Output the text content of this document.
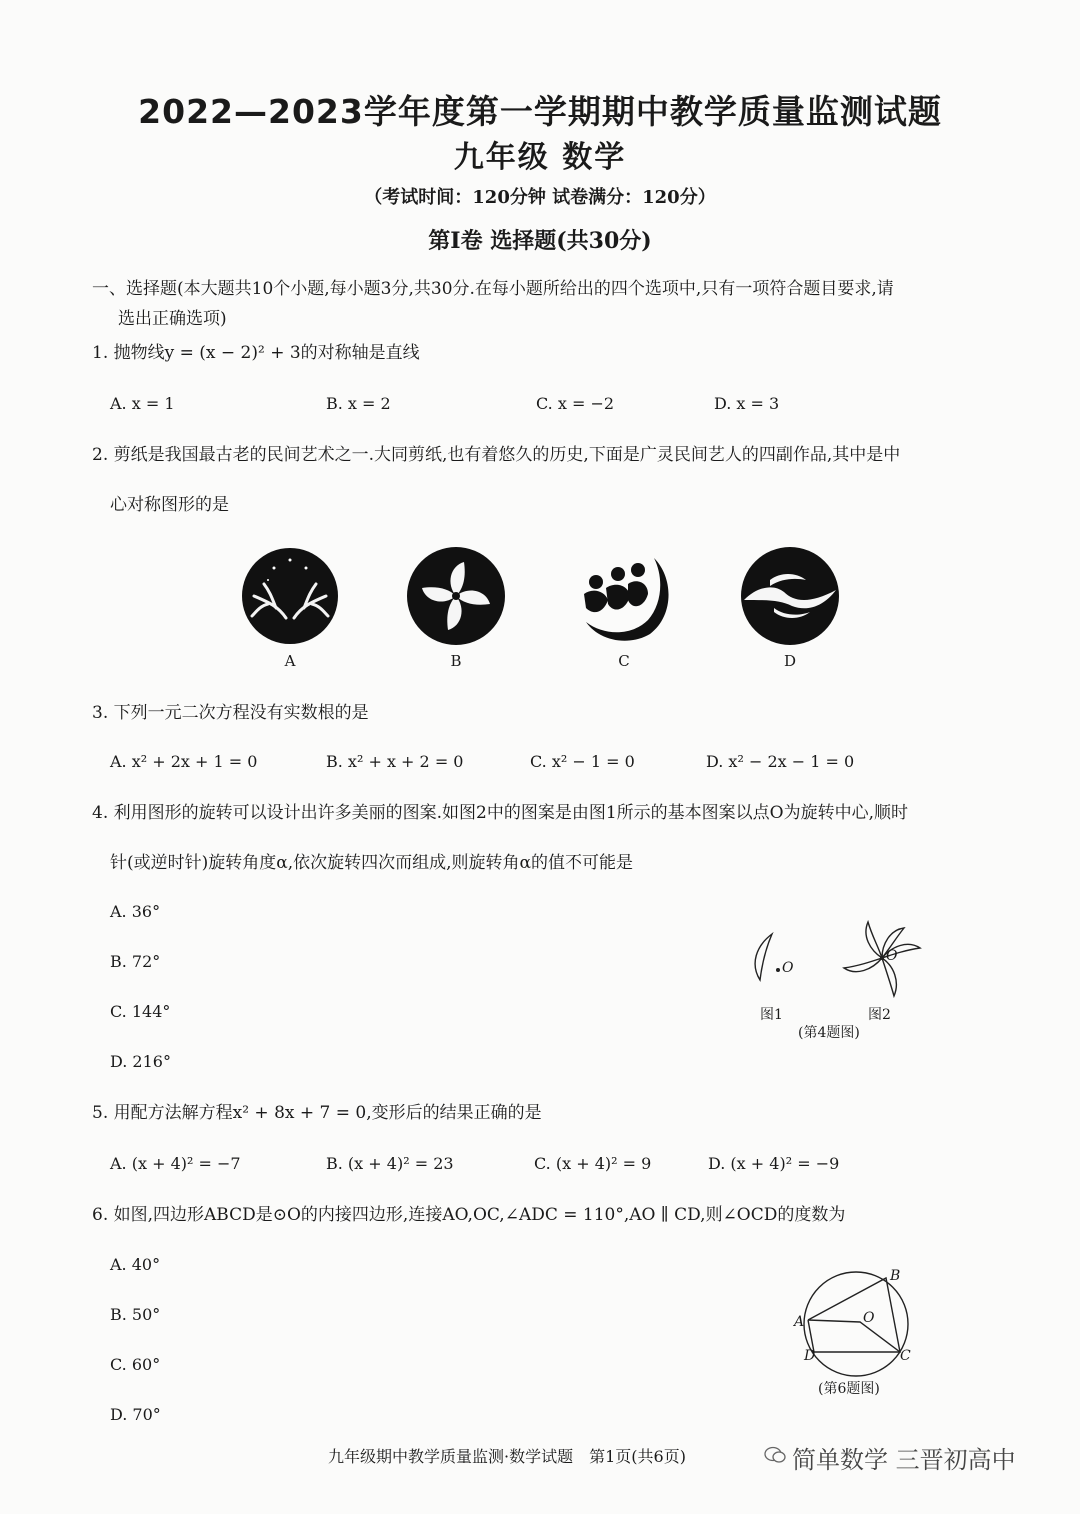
2022—2023学年度第一学期期中教学质量监测试题
九年级 数学
（考试时间：120分钟 试卷满分：120分）
第Ⅰ卷 选择题(共30分)
一、选择题(本大题共10个小题,每小题3分,共30分.在每小题所给出的四个选项中,只有一项符合题目要求,请
选出正确选项)
1. 抛物线y = (x − 2)² + 3的对称轴是直线
A. x = 1	B. x = 2	C. x = −2	D. x = 3
2. 剪纸是我国最古老的民间艺术之一.大同剪纸,也有着悠久的历史,下面是广灵民间艺人的四副作品,其中是中
心对称图形的是
A	B	C	D
3. 下列一元二次方程没有实数根的是
A. x² + 2x + 1 = 0	B. x² + x + 2 = 0	C. x² − 1 = 0	D. x² − 2x − 1 = 0
4. 利用图形的旋转可以设计出许多美丽的图案.如图2中的图案是由图1所示的基本图案以点O为旋转中心,顺时
针(或逆时针)旋转角度α,依次旋转四次而组成,则旋转角α的值不可能是
A. 36°
B. 72°
C. 144°
D. 216°
O
O
图1	图2
(第4题图)
5. 用配方法解方程x² + 8x + 7 = 0,变形后的结果正确的是
A. (x + 4)² = −7	B. (x + 4)² = 23	C. (x + 4)² = 9	D. (x + 4)² = −9
6. 如图,四边形ABCD是⊙O的内接四边形,连接AO,OC,∠ADC = 110°,AO ∥ CD,则∠OCD的度数为
A. 40°
B. 50°
C. 60°
D. 70°
B
A	O
D	C
(第6题图)
九年级期中教学质量监测·数学试题　第1页(共6页)	简单数学 三晋初高中
